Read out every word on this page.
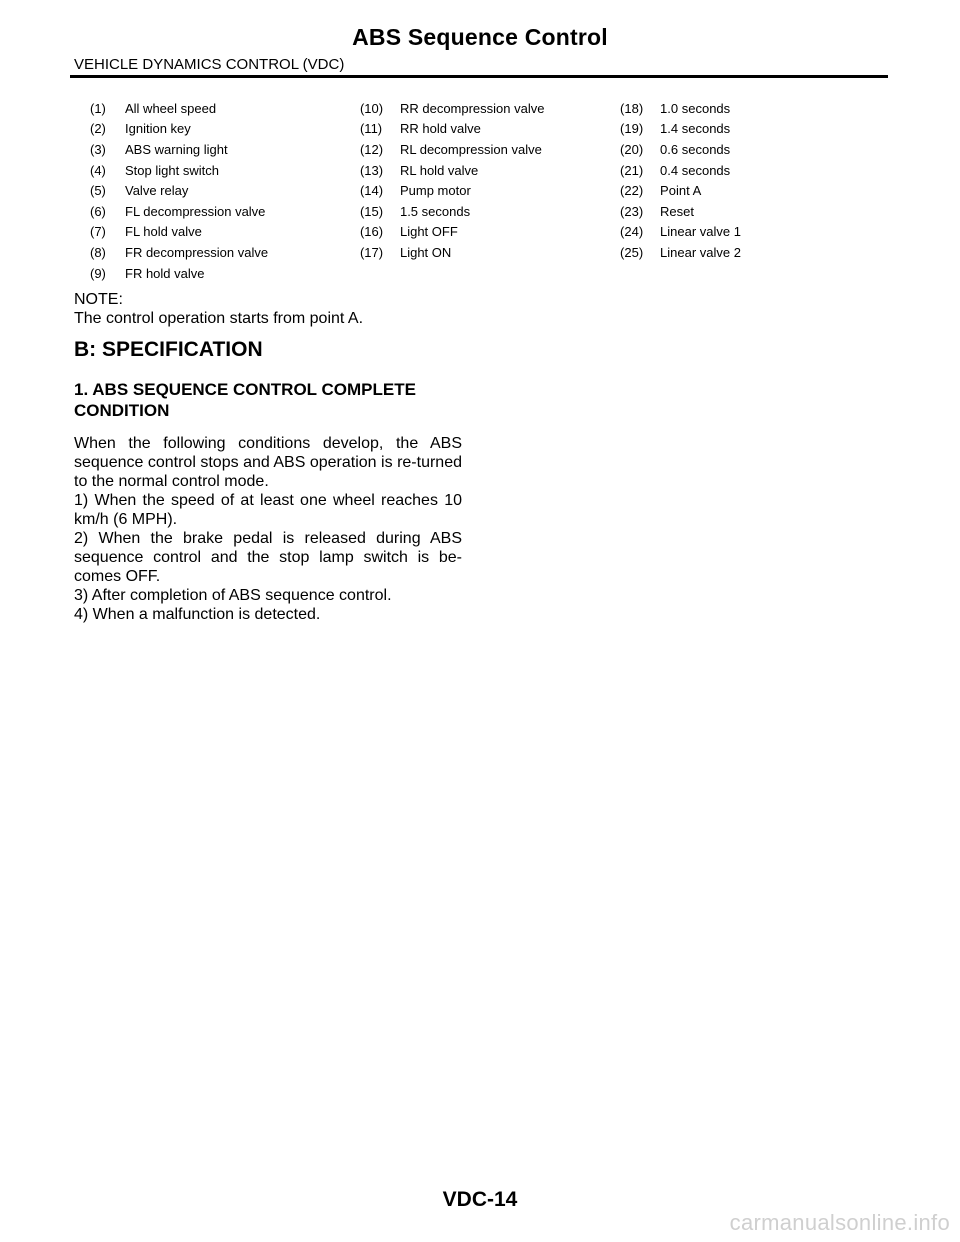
ABS Sequence Control
VEHICLE DYNAMICS CONTROL (VDC)
(1)	All wheel speed	(10)	RR decompression valve	(18)	1.0 seconds
(2)	Ignition key	(11)	RR hold valve	(19)	1.4 seconds
(3)	ABS warning light	(12)	RL decompression valve	(20)	0.6 seconds
(4)	Stop light switch	(13)	RL hold valve	(21)	0.4 seconds
(5)	Valve relay	(14)	Pump motor	(22)	Point A
(6)	FL decompression valve	(15)	1.5 seconds	(23)	Reset
(7)	FL hold valve	(16)	Light OFF	(24)	Linear valve 1
(8)	FR decompression valve	(17)	Light ON	(25)	Linear valve 2
(9)	FR hold valve

NOTE:

The control operation starts from point A.

B: SPECIFICATION
1. ABS SEQUENCE CONTROL COMPLETE CONDITION

When the following conditions develop, the ABS sequence control stops and ABS operation is re-turned to the normal control mode.

1) When the speed of at least one wheel reaches 10 km/h (6 MPH).

2) When the brake pedal is released during ABS sequence control and the stop lamp switch is be-comes OFF.

3) After completion of ABS sequence control.

4) When a malfunction is detected.

VDC-14
carmanualsonline.info
